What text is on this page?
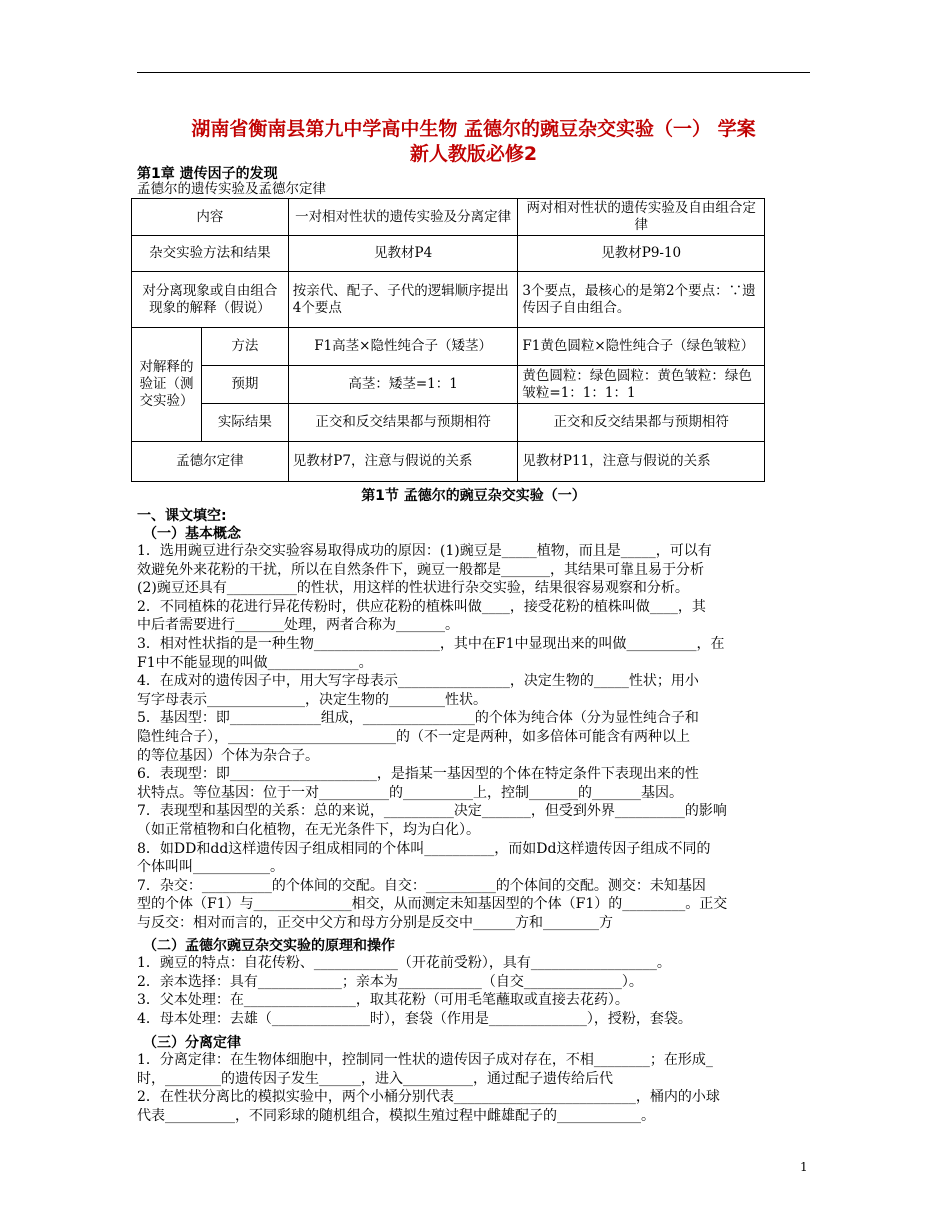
湖南省衡南县第九中学高中生物 孟德尔的豌豆杂交实验（一） 学案
新人教版必修2
第1章 遗传因子的发现
孟德尔的遗传实验及孟德尔定律
内容		一对相对性状的遗传实验及分离定律	两对相对性状的遗传实验及自由组合定律
杂交实验方法和结果		见教材P4	见教材P9-10
对分离现象或自由组合现象的解释（假说）		按亲代、配子、子代的逻辑顺序提出4个要点	3个要点，最核心的是第2个要点：∵遗传因子自由组合。
对解释的验证（测交实验）	方法	F1高茎×隐性纯合子（矮茎）	F1黄色圆粒×隐性纯合子（绿色皱粒）
	预期	高茎：矮茎=1：1	黄色圆粒：绿色圆粒：黄色皱粒：绿色皱粒=1：1：1：1
	实际结果	正交和反交结果都与预期相符	正交和反交结果都与预期相符
孟德尔定律		见教材P7，注意与假说的关系	见教材P11，注意与假说的关系
第1节 孟德尔的豌豆杂交实验（一）
一、课文填空:
（一）基本概念
1．选用豌豆进行杂交实验容易取得成功的原因：(1)豌豆是_____植物，而且是_____，可以有
效避免外来花粉的干扰，所以在自然条件下，豌豆一般都是_______，其结果可靠且易于分析
(2)豌豆还具有__________的性状，用这样的性状进行杂交实验，结果很容易观察和分析。
2．不同植株的花进行异花传粉时，供应花粉的植株叫做____，接受花粉的植株叫做____，其
中后者需要进行_______处理，两者合称为_______。
3．相对性状指的是一种生物__________________，其中在F1中显现出来的叫做__________，在
F1中不能显现的叫做_____________。
4．在成对的遗传因子中，用大写字母表示________________，决定生物的_____性状；用小
写字母表示______________，决定生物的________性状。
5．基因型：即_____________组成，________________的个体为纯合体（分为显性纯合子和
隐性纯合子），________________________的（不一定是两种，如多倍体可能含有两种以上
的等位基因）个体为杂合子。
6．表现型：即_____________________，是指某一基因型的个体在特定条件下表现出来的性
状特点。等位基因：位于一对__________的__________上，控制_______的_______基因。
7．表现型和基因型的关系：总的来说，__________决定_______，但受到外界__________的影响
（如正常植物和白化植物，在无光条件下，均为白化）。
8．如DD和dd这样遗传因子组成相同的个体叫__________，而如Dd这样遗传因子组成不同的
个体叫叫___________。
7．杂交：__________的个体间的交配。自交：__________的个体间的交配。测交：未知基因
型的个体（F1）与______________相交，从而测定未知基因型的个体（F1）的_________。正交
与反交：相对而言的，正交中父方和母方分别是反交中______方和________方
（二）孟德尔豌豆杂交实验的原理和操作
1．豌豆的特点：自花传粉、____________（开花前受粉），具有__________________。
2．亲本选择：具有____________；亲本为____________（自交______________）。
3．父本处理：在________________，取其花粉（可用毛笔蘸取或直接去花药）。
4．母本处理：去雄（______________时），套袋（作用是______________），授粉，套袋。
（三）分离定律
1．分离定律：在生物体细胞中，控制同一性状的遗传因子成对存在，不相________；在形成_
时，________的遗传因子发生______，进入__________，通过配子遗传给后代
2．在性状分离比的模拟实验中，两个小桶分别代表__________________________，桶内的小球
代表__________，不同彩球的随机组合，模拟生殖过程中雌雄配子的____________。
1
